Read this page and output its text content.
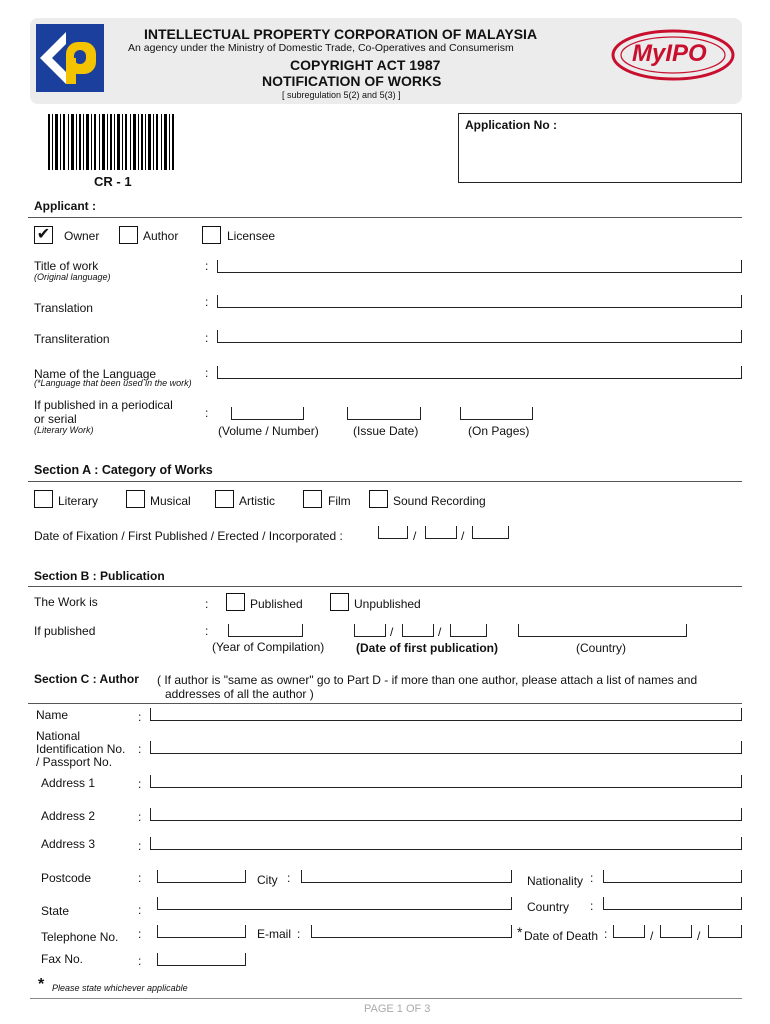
INTELLECTUAL PROPERTY CORPORATION OF MALAYSIA
An agency under the Ministry of Domestic Trade, Co-Operatives and Consumerism
COPYRIGHT ACT 1987
NOTIFICATION OF WORKS
[ subregulation 5(2) and 5(3) ]
MyIPO
CR - 1
Application No :
Applicant :
✔ Owner	Author	Licensee
Title of work
(Original language)
:
Translation	:
Transliteration	:
Name of the Language
(*Language that been used in the work)
:
If published in a periodical
or serial
(Literary Work)
:
(Volume / Number)	(Issue Date)	(On Pages)
Section A : Category of Works
Literary	Musical	Artistic	Film	Sound Recording
Date of Fixation / First Published / Erected / Incorporated :	/	/
Section B : Publication
The Work is	:	Published	Unpublished
If published	:	/	/
(Year of Compilation)	(Date of first publication)	(Country)
Section C : Author ( If author is "same as owner" go to Part D - if more than one author, please attach a list of names and
addresses of all the author )
Name	:
National
Identification No.
/ Passport No.
:
Address 1	:
Address 2	:
Address 3	:
Postcode	:	City :	Nationality :
State	:	Country :
Telephone No. :	E-mail :	* Date of Death :	/	/
Fax No.	:
* Please state whichever applicable
PAGE 1 OF 3
